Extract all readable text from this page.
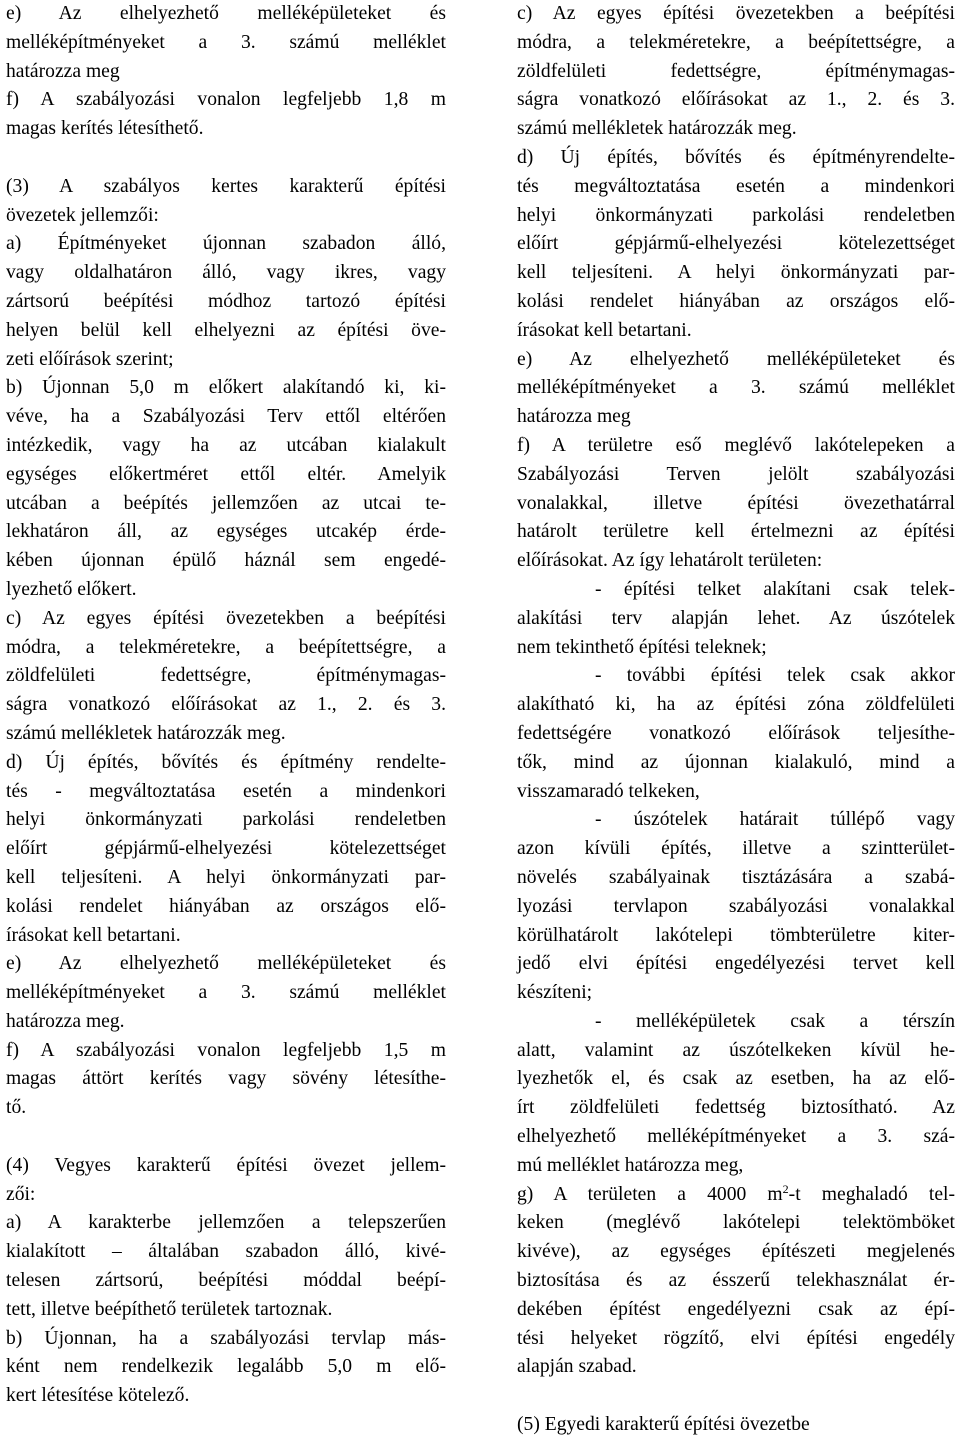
e) Az elhelyezhető melléképületeket és
melléképítményeket a 3. számú melléklet
határozza meg
f) A szabályozási vonalon legfeljebb 1,8 m
magas kerítés létesíthető.
(3) A szabályos kertes karakterű építési
övezetek jellemzői:
a) Építményeket újonnan szabadon álló,
vagy oldalhatáron álló, vagy ikres, vagy
zártsorú beépítési módhoz tartozó építési
helyen belül kell elhelyezni az építési öve-
zeti előírások szerint;
b) Újonnan 5,0 m előkert alakítandó ki, ki-
véve, ha a Szabályozási Terv ettől eltérően
intézkedik, vagy ha az utcában kialakult
egységes előkertméret ettől eltér. Amelyik
utcában a beépítés jellemzően az utcai te-
lekhatáron áll, az egységes utcakép érde-
kében újonnan épülő háznál sem engedé-
lyezhető előkert.
c) Az egyes építési övezetekben a beépítési
módra, a telekméretekre, a beépítettségre, a
zöldfelületi fedettségre, építménymagas-
ságra vonatkozó előírásokat az 1., 2. és 3.
számú mellékletek határozzák meg.
d) Új építés, bővítés és építmény rendelte-
tés - megváltoztatása esetén a mindenkori
helyi önkormányzati parkolási rendeletben
előírt gépjármű-elhelyezési kötelezettséget
kell teljesíteni. A helyi önkormányzati par-
kolási rendelet hiányában az országos elő-
írásokat kell betartani.
e) Az elhelyezhető melléképületeket és
melléképítményeket a 3. számú melléklet
határozza meg.
f) A szabályozási vonalon legfeljebb 1,5 m
magas áttört kerítés vagy sövény létesíthe-
tő.
(4) Vegyes karakterű építési övezet jellem-
zői:
a) A karakterbe jellemzően a telepszerűen
kialakított – általában szabadon álló, kivé-
telesen zártsorú, beépítési móddal beépí-
tett, illetve beépíthető területek tartoznak.
b) Újonnan, ha a szabályozási tervlap más-
ként nem rendelkezik legalább 5,0 m elő-
kert létesítése kötelező.
c) Az egyes építési övezetekben a beépítési
módra, a telekméretekre, a beépítettségre, a
zöldfelületi fedettségre, építménymagas-
ságra vonatkozó előírásokat az 1., 2. és 3.
számú mellékletek határozzák meg.
d) Új építés, bővítés és építményrendelte-
tés megváltoztatása esetén a mindenkori
helyi önkormányzati parkolási rendeletben
előírt gépjármű-elhelyezési kötelezettséget
kell teljesíteni. A helyi önkormányzati par-
kolási rendelet hiányában az országos elő-
írásokat kell betartani.
e) Az elhelyezhető melléképületeket és
melléképítményeket a 3. számú melléklet
határozza meg
f) A területre eső meglévő lakótelepeken a
Szabályozási Terven jelölt szabályozási
vonalakkal, illetve építési övezethatárral
határolt területre kell értelmezni az építési
előírásokat. Az így lehatárolt területen:
- építési telket alakítani csak telek-
alakítási terv alapján lehet. Az úszótelek
nem tekinthető építési teleknek;
- további építési telek csak akkor
alakítható ki, ha az építési zóna zöldfelületi
fedettségére vonatkozó előírások teljesíthe-
tők, mind az újonnan kialakuló, mind a
visszamaradó telkeken,
- úszótelek határait túllépő vagy
azon kívüli építés, illetve a szintterület-
növelés szabályainak tisztázására a szabá-
lyozási tervlapon szabályozási vonalakkal
körülhatárolt lakótelepi tömbterületre kiter-
jedő elvi építési engedélyezési tervet kell
készíteni;
- melléképületek csak a térszín
alatt, valamint az úszótelkeken kívül he-
lyezhetők el, és csak az esetben, ha az elő-
írt zöldfelületi fedettség biztosítható. Az
elhelyezhető melléképítményeket a 3. szá-
mú melléklet határozza meg,
g) A területen a 4000 $m^2-t$ meghaladó tel-
keken (meglévő lakótelepi telektömböket
kivéve), az egységes építészeti megjelenés
biztosítása és az ésszerű telekhasználat ér-
dekében építést engedélyezni csak az épí-
tési helyeket rögzítő, elvi építési engedély
alapján szabad.
(5) Egyedi karakterű építési övezetbe
